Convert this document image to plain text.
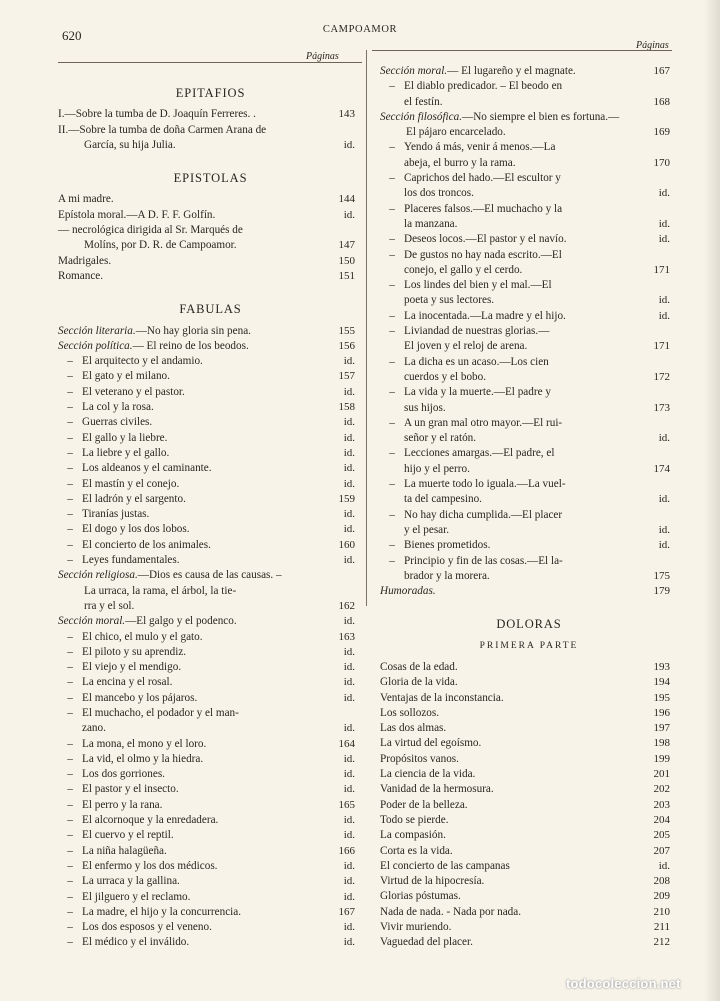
620	CAMPOAMOR
Páginas
Páginas
EPITAFIOS
I.—Sobre la tumba de D. Joaquín Ferreres. .	143
II.—Sobre la tumba de doña Carmen Arana de
García, su hija Julia.	id.
EPISTOLAS
A mi madre.	144
Epístola moral.—A D. F. F. Golfín.	id.
— necrológica dirigida al Sr. Marqués de
Molíns, por D. R. de Campoamor.	147
Madrigales.	150
Romance.	151
FABULAS
Sección literaria.—No hay gloria sin pena.	155
Sección política.— El reino de los beodos.	156
– El arquitecto y el andamio.	id.
– El gato y el milano.	157
– El veterano y el pastor.	id.
– La col y la rosa.	158
– Guerras civiles.	id.
– El gallo y la liebre.	id.
– La liebre y el gallo.	id.
– Los aldeanos y el caminante.	id.
– El mastín y el conejo.	id.
– El ladrón y el sargento.	159
– Tiranías justas.	id.
– El dogo y los dos lobos.	id.
– El concierto de los animales.	160
– Leyes fundamentales.	id.
Sección religiosa.—Dios es causa de las causas. –
La urraca, la rama, el árbol, la tie-
rra y el sol.	162
Sección moral.—El galgo y el podenco.	id.
– El chico, el mulo y el gato.	163
– El piloto y su aprendiz.	id.
– El viejo y el mendigo.	id.
– La encina y el rosal.	id.
– El mancebo y los pájaros.	id.
– El muchacho, el podador y el man-
zano.	id.
– La mona, el mono y el loro.	164
– La vid, el olmo y la hiedra.	id.
– Los dos gorriones.	id.
– El pastor y el insecto.	id.
– El perro y la rana.	165
– El alcornoque y la enredadera.	id.
– El cuervo y el reptil.	id.
– La niña halagüeña.	166
– El enfermo y los dos médicos.	id.
– La urraca y la gallina.	id.
– El jilguero y el reclamo.	id.
– La madre, el hijo y la concurrencia.	167
– Los dos esposos y el veneno.	id.
– El médico y el inválido.	id.
Sección moral.— El lugareño y el magnate.	167
– El diablo predicador. – El beodo en
el festín.	168
Sección filosófica.—No siempre el bien es fortuna.—
El pájaro encarcelado.	169
– Yendo á más, venir á menos.—La
abeja, el burro y la rama.	170
– Caprichos del hado.—El escultor y
los dos troncos.	id.
– Placeres falsos.—El muchacho y la
la manzana.	id.
– Deseos locos.—El pastor y el navío.	id.
– De gustos no hay nada escrito.—El
conejo, el gallo y el cerdo.	171
– Los lindes del bien y el mal.—El
poeta y sus lectores.	id.
– La inocentada.—La madre y el hijo.	id.
– Liviandad de nuestras glorias.—
El joven y el reloj de arena.	171
– La dicha es un acaso.—Los cien
cuerdos y el bobo.	172
– La vida y la muerte.—El padre y
sus hijos.	173
– A un gran mal otro mayor.—El rui-
señor y el ratón.	id.
– Lecciones amargas.—El padre, el
hijo y el perro.	174
– La muerte todo lo iguala.—La vuel-
ta del campesino.	id.
– No hay dicha cumplida.—El placer
y el pesar.	id.
– Bienes prometidos.	id.
– Principio y fin de las cosas.—El la-
brador y la morera.	175
Humoradas.	179
DOLORAS
PRIMERA PARTE
Cosas de la edad.	193
Gloria de la vida.	194
Ventajas de la inconstancia.	195
Los sollozos.	196
Las dos almas.	197
La virtud del egoísmo.	198
Propósitos vanos.	199
La ciencia de la vida.	201
Vanidad de la hermosura.	202
Poder de la belleza.	203
Todo se pierde.	204
La compasión.	205
Corta es la vida.	207
El concierto de las campanas	id.
Virtud de la hipocresía.	208
Glorias póstumas.	209
Nada de nada. - Nada por nada.	210
Vivir muriendo.	211
Vaguedad del placer.	212
todocoleccion.net
